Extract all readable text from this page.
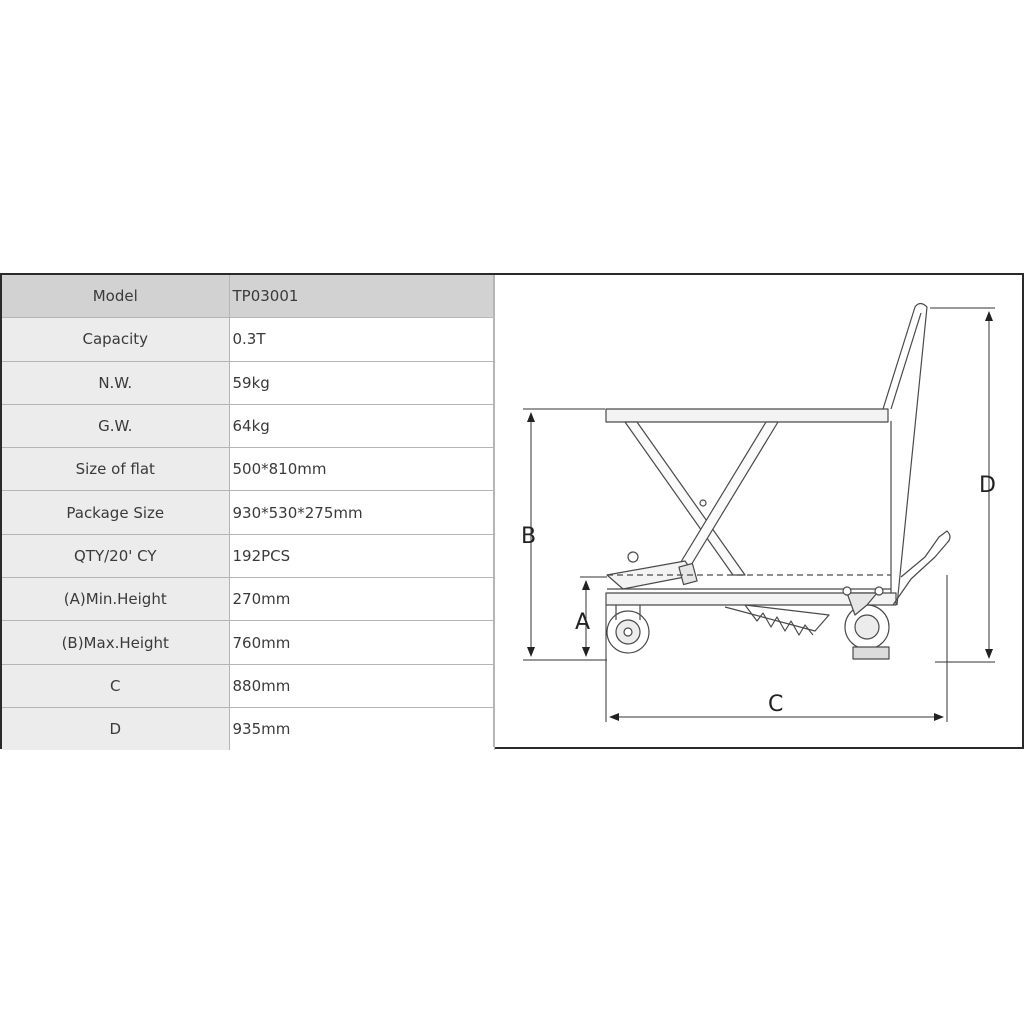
Model	TP03001
Capacity	0.3T
N.W.	59kg
G.W.	64kg
Size of flat	500*810mm
Package Size	930*530*275mm
QTY/20' CY	192PCS
(A)Min.Height	270mm
(B)Max.Height	760mm
C	880mm
D	935mm
B
A
D
C
